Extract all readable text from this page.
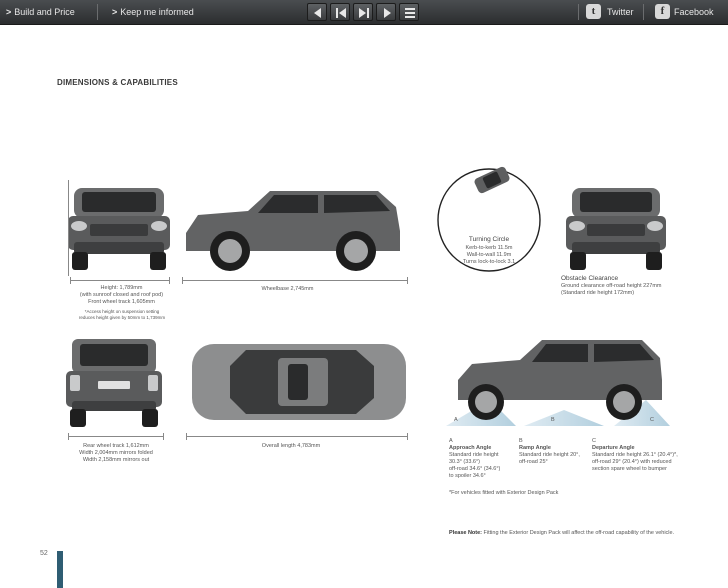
> Build and Price	> Keep me informed	t	Twitter	f	Facebook
DIMENSIONS & CAPABILITIES
Height: 1,789mm
(with sunroof closed and roof pod)
Front wheel track 1,605mm
*Access height on suspension setting
reduces height given by 50mm to 1,739mm
Wheelbase 2,745mm
Turning Circle
Kerb-to-kerb 11.5m
Wall-to-wall 11.9m
Turns lock-to-lock 3.1
Obstacle Clearance
Ground clearance off-road height 227mm
(Standard ride height 172mm)
Rear wheel track 1,612mm
Width 2,004mm mirrors folded
Width 2,158mm mirrors out
Overall length 4,783mm
A	B	C
A
Approach Angle
Standard ride height
30.3° (33.6°)
off-road 34.6° (34.6°)
to spoiler 34.6°
B
Ramp Angle
Standard ride height 20°,
off-road 25°
C
Departure Angle
Standard ride height 26.1° (20.4°)*,
off-road 29° (20.4°) with reduced
section spare wheel to bumper
*For vehicles fitted with Exterior Design Pack
Please Note: Fitting the Exterior Design Pack will affect the off-road capability of the vehicle.
52
